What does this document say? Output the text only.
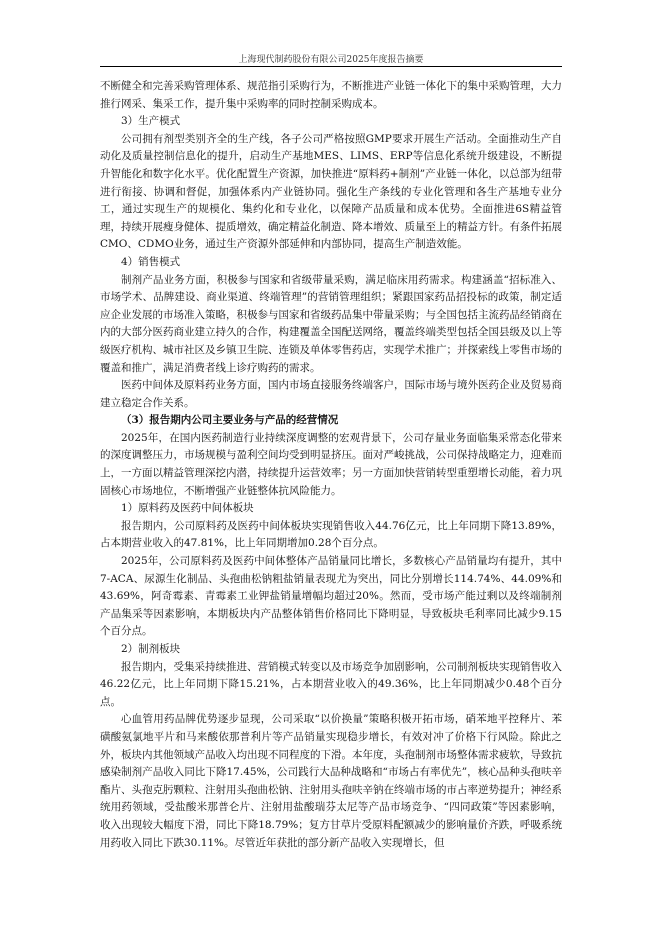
上海现代制药股份有限公司2025年度报告摘要

不断健全和完善采购管理体系、规范指引采购行为，不断推进产业链一体化下的集中采购管理，大力推行网采、集采工作，提升集中采购率的同时控制采购成本。

3）生产模式

公司拥有剂型类别齐全的生产线，各子公司严格按照GMP要求开展生产活动。全面推动生产自动化及质量控制信息化的提升，启动生产基地MES、LIMS、ERP等信息化系统升级建设，不断提升智能化和数字化水平。优化配置生产资源，加快推进“原料药+制剂”产业链一体化，以总部为纽带进行衔接、协调和督促，加强体系内产业链协同。强化生产条线的专业化管理和各生产基地专业分工，通过实现生产的规模化、集约化和专业化，以保障产品质量和成本优势。全面推进6S精益管理，持续开展瘦身健体、提质增效，确定精益化制造、降本增效、质量至上的精益方针。有条件拓展CMO、CDMO业务，通过生产资源外部延伸和内部协同，提高生产制造效能。

4）销售模式

制剂产品业务方面，积极参与国家和省级带量采购，满足临床用药需求。构建涵盖“招标准入、市场学术、品牌建设、商业渠道、终端管理”的营销管理组织；紧跟国家药品招投标的政策，制定适应企业发展的市场准入策略，积极参与国家和省级药品集中带量采购；与全国包括主流药品经销商在内的大部分医药商业建立持久的合作，构建覆盖全国配送网络，覆盖终端类型包括全国县级及以上等级医疗机构、城市社区及乡镇卫生院、连锁及单体零售药店，实现学术推广；并探索线上零售市场的覆盖和推广，满足消费者线上诊疗购药的需求。

医药中间体及原料药业务方面，国内市场直接服务终端客户，国际市场与境外医药企业及贸易商建立稳定合作关系。

（3）报告期内公司主要业务与产品的经营情况

2025年，在国内医药制造行业持续深度调整的宏观背景下，公司存量业务面临集采常态化带来的深度调整压力，市场规模与盈利空间均受到明显挤压。面对严峻挑战，公司保持战略定力，迎难而上，一方面以精益管理深挖内潜，持续提升运营效率；另一方面加快营销转型重塑增长动能，着力巩固核心市场地位，不断增强产业链整体抗风险能力。

1）原料药及医药中间体板块

报告期内，公司原料药及医药中间体板块实现销售收入44.76亿元，比上年同期下降13.89%，占本期营业收入的47.81%，比上年同期增加0.28个百分点。

2025年，公司原料药及医药中间体整体产品销量同比增长，多数核心产品销量均有提升，其中7-ACA、尿源生化制品、头孢曲松钠粗盐销量表现尤为突出，同比分别增长114.74%、44.09%和43.69%，阿奇霉素、青霉素工业钾盐销量增幅均超过20%。然而，受市场产能过剩以及终端制剂产品集采等因素影响，本期板块内产品整体销售价格同比下降明显，导致板块毛利率同比减少9.15个百分点。

2）制剂板块

报告期内，受集采持续推进、营销模式转变以及市场竞争加剧影响，公司制剂板块实现销售收入46.22亿元，比上年同期下降15.21%，占本期营业收入的49.36%，比上年同期减少0.48个百分点。

心血管用药品牌优势逐步显现，公司采取“以价换量”策略积极开拓市场，硝苯地平控释片、苯磺酸氨氯地平片和马来酸依那普利片等产品销量实现稳步增长，有效对冲了价格下行风险。除此之外，板块内其他领域产品收入均出现不同程度的下滑。本年度，头孢制剂市场整体需求疲软，导致抗感染制剂产品收入同比下降17.45%，公司践行大品种战略和“市场占有率优先”，核心品种头孢呋辛酯片、头孢克肟颗粒、注射用头孢曲松钠、注射用头孢呋辛钠在终端市场的市占率逆势提升；神经系统用药领域，受盐酸米那普仑片、注射用盐酸瑞芬太尼等产品市场竞争、“四同政策”等因素影响，收入出现较大幅度下滑，同比下降18.79%；复方甘草片受原料配额减少的影响量价齐跌，呼吸系统用药收入同比下跌30.11%。尽管近年获批的部分新产品收入实现增长，但
